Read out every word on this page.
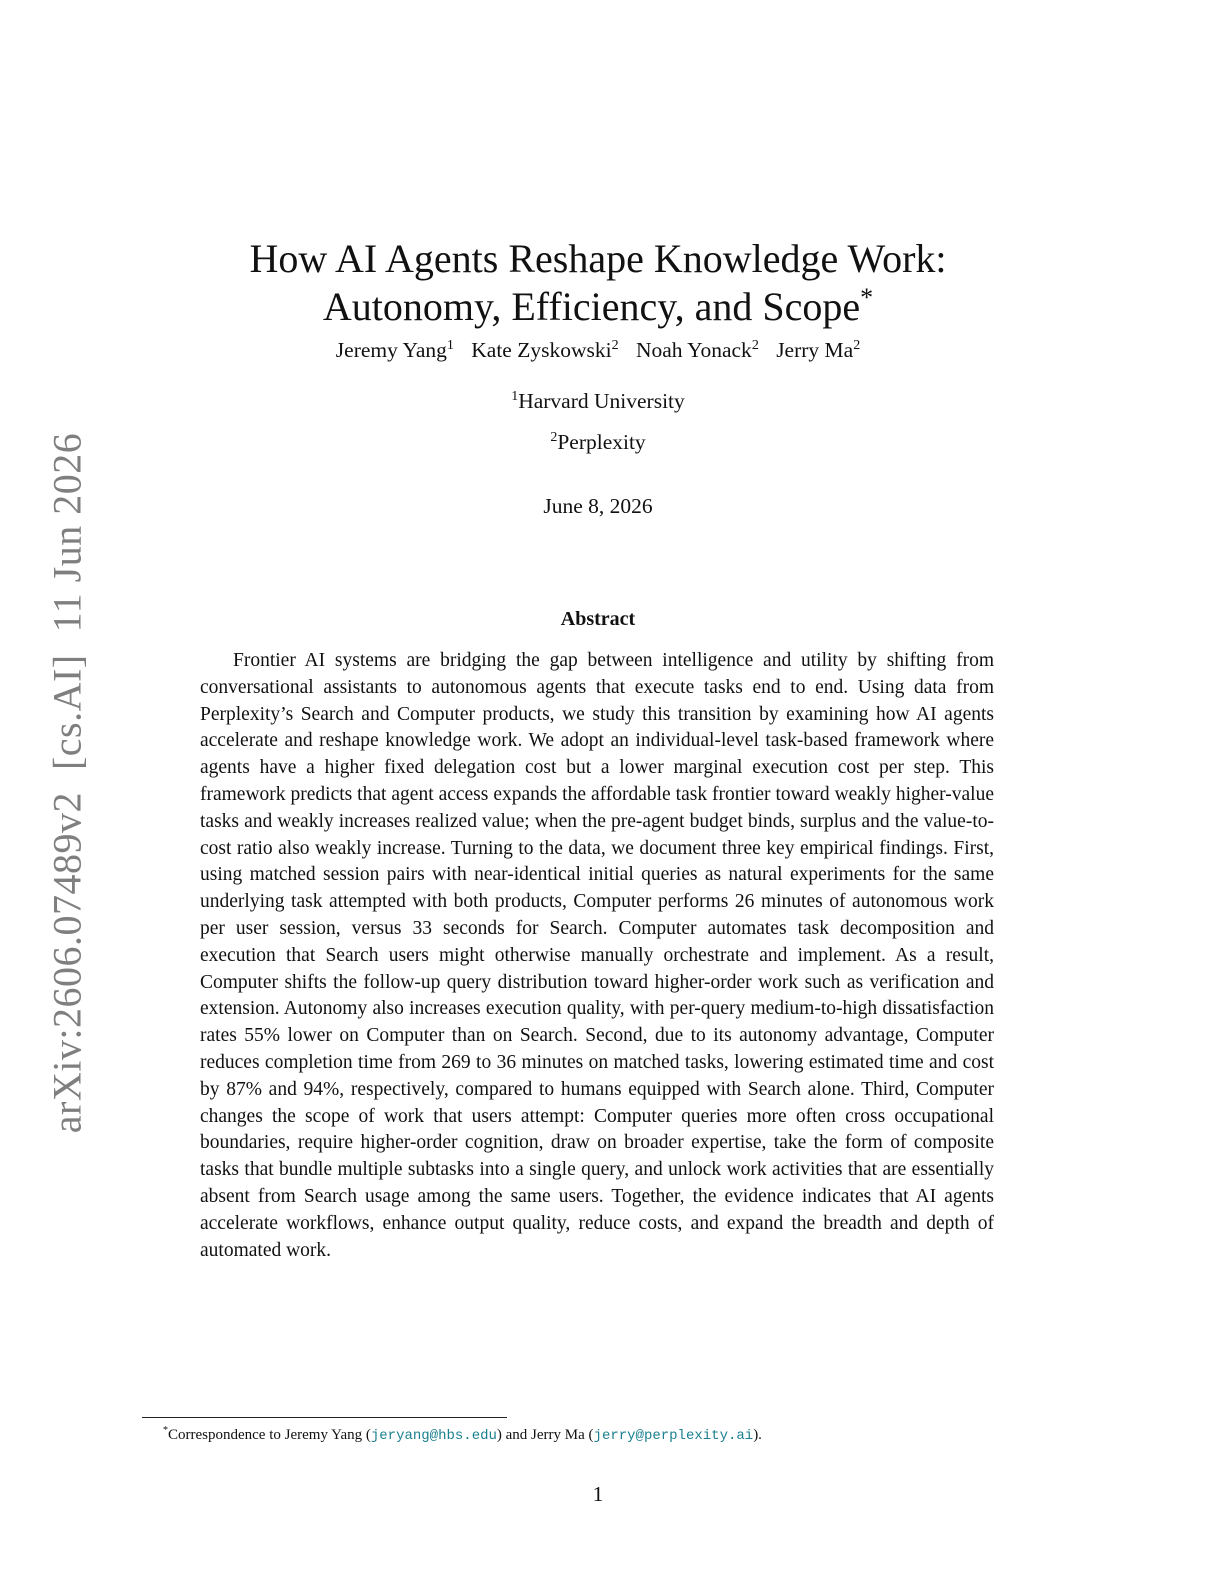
arXiv:2606.07489v2[cs.AI]11 Jun 2026
How AI Agents Reshape Knowledge Work:
Autonomy, Efficiency, and Scope*
Jeremy Yang$^1$ Kate Zyskowski$^2$ Noah Yonack$^2$ Jerry Ma$^2$
$^1$Harvard University
$^2$Perplexity
June 8, 2026
Abstract

Frontier AI systems are bridging the gap between intelligence and utility by shifting from conversational assistants to autonomous agents that execute tasks end to end. Using data from Perplexity’s Search and Computer products, we study this transition by examining how AI agents accelerate and reshape knowledge work. We adopt an individual-level task-based framework where agents have a higher fixed delegation cost but a lower marginal execution cost per step. This framework predicts that agent access expands the affordable task frontier toward weakly higher-value tasks and weakly increases realized value; when the pre-agent budget binds, surplus and the value-to-cost ratio also weakly increase. Turning to the data, we document three key empirical findings. First, using matched session pairs with near-identical initial queries as natural experiments for the same underlying task attempted with both products, Computer performs 26 minutes of autonomous work per user session, versus 33 seconds for Search. Computer automates task decomposition and execution that Search users might otherwise manually orchestrate and implement. As a result, Computer shifts the follow-up query distribution toward higher-order work such as verification and extension. Autonomy also increases execution quality, with per-query medium-to-high dissatisfaction rates 55% lower on Computer than on Search. Second, due to its autonomy advantage, Computer reduces completion time from 269 to 36 minutes on matched tasks, lowering estimated time and cost by 87% and 94%, respectively, compared to humans equipped with Search alone. Third, Computer changes the scope of work that users attempt: Computer queries more often cross occupational boundaries, require higher-order cognition, draw on broader expertise, take the form of composite tasks that bundle multiple subtasks into a single query, and unlock work activities that are essentially absent from Search usage among the same users. Together, the evidence indicates that AI agents accelerate workflows, enhance output quality, reduce costs, and expand the breadth and depth of automated work.

*Correspondence to Jeremy Yang (jeryang@hbs.edu) and Jerry Ma (jerry@perplexity.ai).
1
